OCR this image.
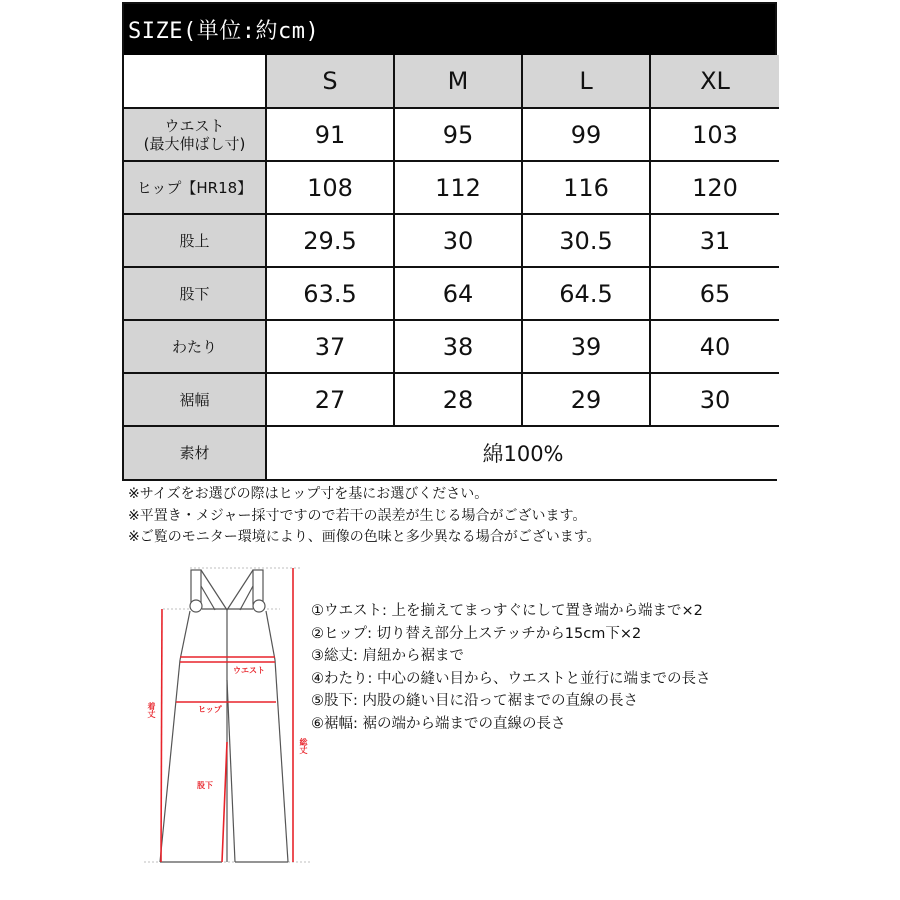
SIZE(単位:約cm)
	S	M	L	XL

ウエスト
(最大伸ばし寸)	91	95	99	103
ヒップ【HR18】	108	112	116	120
股上	29.5	30	30.5	31
股下	63.5	64	64.5	65
わたり	37	38	39	40
裾幅	27	28	29	30
素材	綿100%			
※サイズをお選びの際はヒップ寸を基にお選びください。
※平置き・メジャー採寸ですので若干の誤差が生じる場合がございます。
※ご覧のモニター環境により、画像の色味と多少異なる場合がございます。
ウエスト
ヒップ
股下
着丈
総丈
①ウエスト: 上を揃えてまっすぐにして置き端から端まで×2
②ヒップ: 切り替え部分上ステッチから15cm下×2
③総丈: 肩紐から裾まで
④わたり: 中心の縫い目から、ウエストと並行に端までの長さ
⑤股下: 内股の縫い目に沿って裾までの直線の長さ
⑥裾幅: 裾の端から端までの直線の長さ
